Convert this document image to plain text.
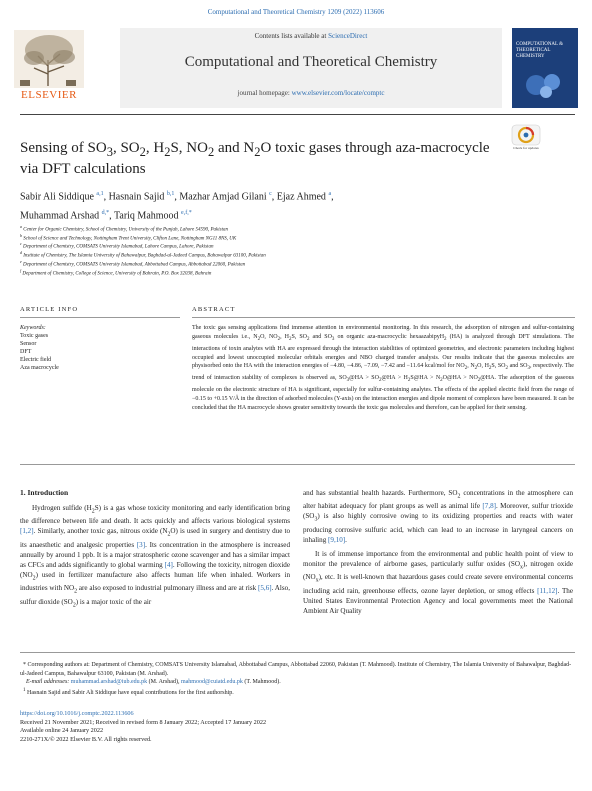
Computational and Theoretical Chemistry 1209 (2022) 113606
ELSEVIER
Contents lists available at ScienceDirect
Computational and Theoretical Chemistry
journal homepage: www.elsevier.com/locate/comptc
COMPUTATIONAL & THEORETICAL CHEMISTRY
Sensing of $SO_3$, $SO_2$, $H_2S$, $NO_2$ and $N_2O$ toxic gases through aza-macrocycle via DFT calculations
Check for updates
Sabir Ali Siddique $^{a,1}$, Hasnain Sajid $^{b,1}$, Mazhar Amjad Gilani $^c$, Ejaz Ahmed $^a$,
Muhammad Arshad $^{d,*}$, Tariq Mahmood $^{e,f,*}$
$^a$ Center for Organic Chemistry, School of Chemistry, University of the Punjab, Lahore 54590, Pakistan
$^b$ School of Science and Technology, Nottingham Trent University, Clifton Lane, Nottingham NG11 8NS, UK
$^c$ Department of Chemistry, COMSATS University Islamabad, Lahore Campus, Lahore, Pakistan
$^d$ Institute of Chemistry, The Islamia University of Bahawalpur, Baghdad-ul-Jadeed Campus, Bahawalpur 63100, Pakistan
$^e$ Department of Chemistry, COMSATS University Islamabad, Abbottabad Campus, Abbottabad 22060, Pakistan
$^f$ Department of Chemistry, College of Science, University of Bahrain, P.O. Box 32038, Bahrain
ARTICLE INFO	ABSTRACT
Keywords:
Toxic gases
Sensor
DFT
Electric field
Aza macrocycle
The toxic gas sensing applications find immense attention in environmental monitoring. In this research, the adsorption of nitrogen and sulfur-containing gaseous molecules i.e., $N_2O$, $NO_2$, $H_2S$, $SO_2$ and $SO_3$ on organic aza-macrocyclic hexaazabipyH$_2$ (HA) is analyzed through DFT simulations. The interactions of toxin analytes with HA are expressed through the interaction stabilities of optimized geometries, and electronic parameters including highest occupied and lowest unoccupied molecular orbitals energies and NBO charged transfer analysis. Our results indicate that the gaseous molecules are physisorbed onto the HA with the interaction energies of −4.80, −4.86, −7.09, −7.42 and −11.64 kcal/mol for $NO_2$, $N_2O$, $H_2S$, $SO_2$ and $SO_3$, respectively. The trend of interaction stability of complexes is observed as, $SO_3@HA$ > $SO_2@HA$ > $H_2S@HA$ > $N_2O@HA$ > $NO_2@HA$. The adsorption of the gaseous molecule on the electronic structure of HA is significant, especially for sulfur-containing analytes. The effects of the applied electric field from the range of −0.15 to +0.15 V/Å in the direction of adsorbed molecules (Y-axis) on the interaction energies and dipole moment of complexes have been measured. It can be concluded that the HA macrocycle shows greater sensitivity towards the toxic gas molecules and therefore, can be applied for their sensing.
1. Introduction

Hydrogen sulfide $(H_2S)$ is a gas whose toxicity monitoring and early identification bring the difference between life and death. It acts quickly and affects various biological systems [1,2]. Similarly, another toxic gas, nitrous oxide $(N_2O)$ is used in surgery and dentistry due to its anaesthetic and analgesic properties [3]. Its concentration in the atmosphere is increased annually by around 1 ppb. It is a major stratospheric ozone scavenger and has a similar impact as CFCs and adds significantly to global warming [4]. Following the toxicity, nitrogen dioxide $(NO_2)$ used in fertilizer manufacture also affects human life when inhaled. Workers in industries with $NO_2$ are also exposed to industrial pulmonary illness and are at risk [5,6]. Also, sulfur dioxide $(SO_2)$ is a major toxic of the air

and has substantial health hazards. Furthermore, $SO_2$ concentrations in the atmosphere can alter habitat adequacy for plant groups as well as animal life [7,8]. Moreover, sulfur trioxide $(SO_3)$ is also highly corrosive owing to its oxidizing properties and reacts with water producing corrosive sulfuric acid, which can lead to an increase in laryngeal cancers on inhaling [9,10].

It is of immense importance from the environmental and public health point of view to monitor the prevalence of airborne gases, particularly sulfur oxides $(SO_x)$, nitrogen oxide $(NO_x)$, etc. It is well-known that hazardous gases could create severe environmental concerns including acid rain, greenhouse effects, ozone layer depletion, or smog effects [11,12]. The United States Environmental Protection Agency and local governments meet the National Ambient Air Quality

* Corresponding authors at: Department of Chemistry, COMSATS University Islamabad, Abbottabad Campus, Abbottabad 22060, Pakistan (T. Mahmood). Institute of Chemistry, The Islamia University of Bahawalpur, Baghdad-ul-Jadeed Campus, Bahawalpur 63100, Pakistan (M. Arshad).
E-mail addresses: muhammad.arshad@iub.edu.pk (M. Arshad), mahmood@cuiatd.edu.pk (T. Mahmood).
$^1$ Hasnain Sajid and Sabir Ali Siddique have equal contributions for the first authorship.
https://doi.org/10.1016/j.comptc.2022.113606
Received 21 November 2021; Received in revised form 8 January 2022; Accepted 17 January 2022
Available online 24 January 2022
2210-271X/© 2022 Elsevier B.V. All rights reserved.
